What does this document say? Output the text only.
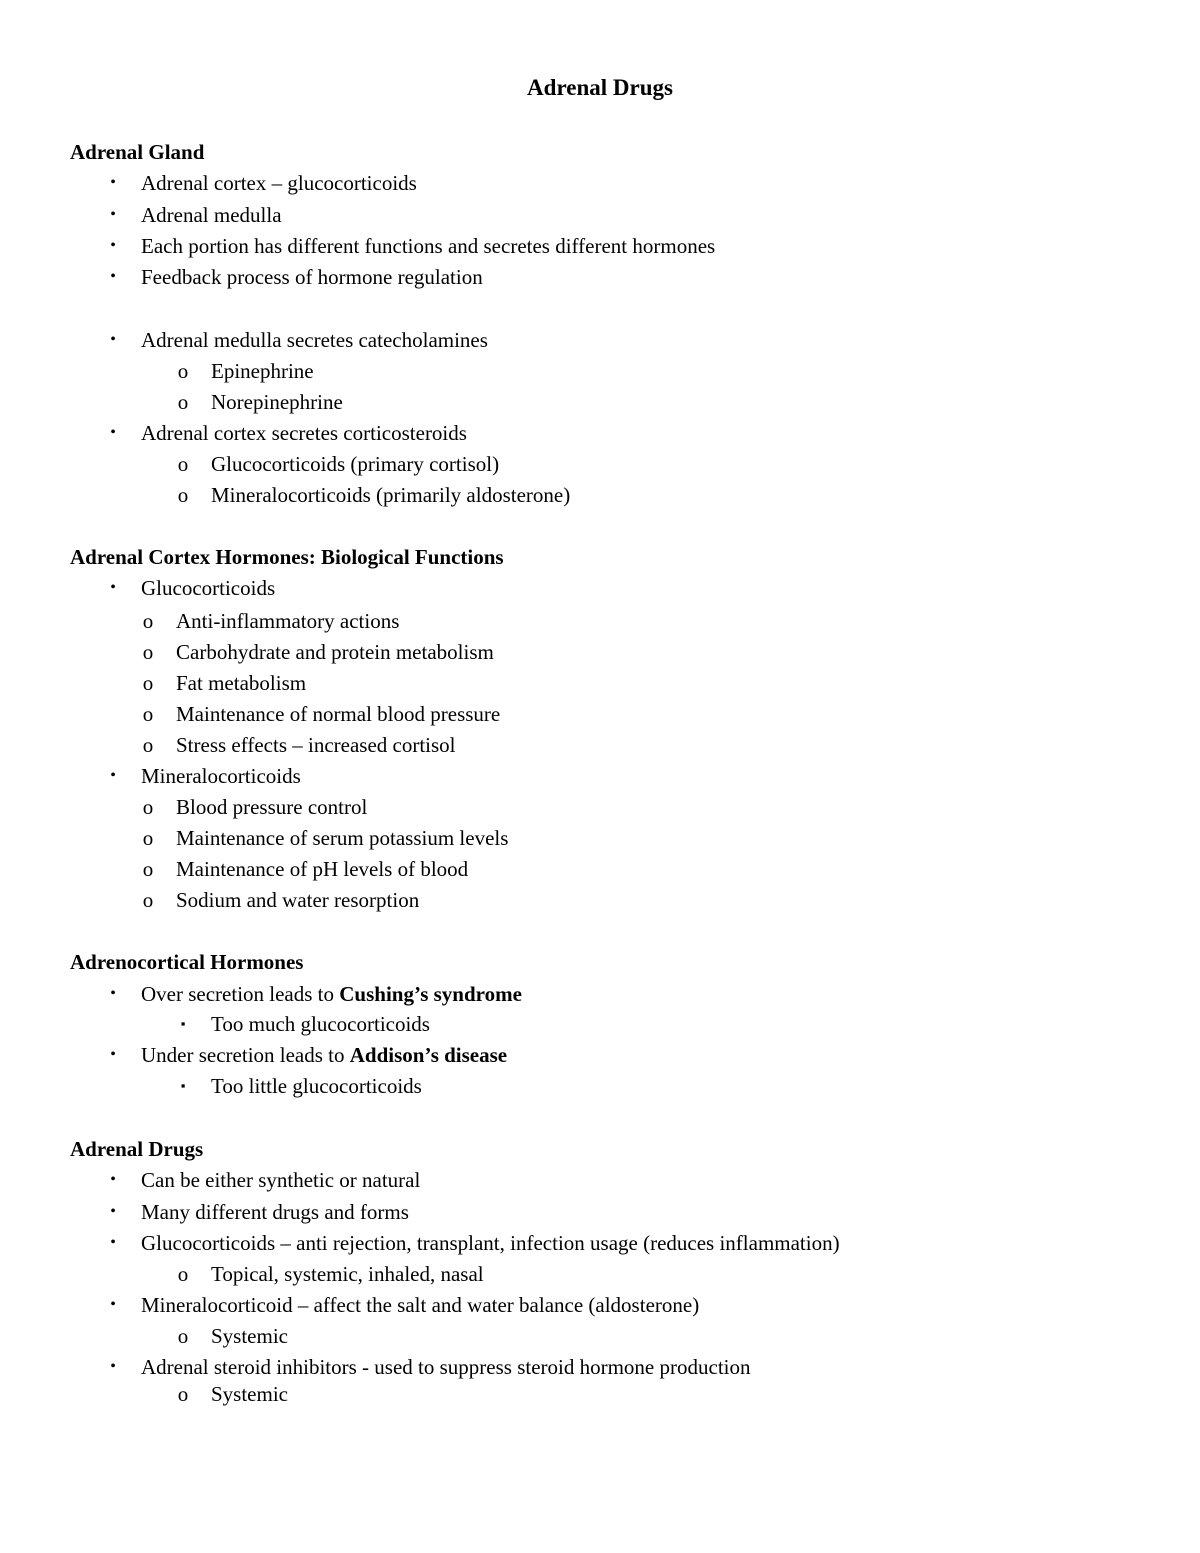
Adrenal Drugs
Adrenal Gland
• Adrenal cortex – glucocorticoids
• Adrenal medulla
• Each portion has different functions and secretes different hormones
• Feedback process of hormone regulation
• Adrenal medulla secretes catecholamines
o Epinephrine
o Norepinephrine
• Adrenal cortex secretes corticosteroids
o Glucocorticoids (primary cortisol)
o Mineralocorticoids (primarily aldosterone)
Adrenal Cortex Hormones: Biological Functions
• Glucocorticoids
o Anti-inflammatory actions
o Carbohydrate and protein metabolism
o Fat metabolism
o Maintenance of normal blood pressure
o Stress effects – increased cortisol
• Mineralocorticoids
o Blood pressure control
o Maintenance of serum potassium levels
o Maintenance of pH levels of blood
o Sodium and water resorption
Adrenocortical Hormones
• Over secretion leads to Cushing’s syndrome
▪ Too much glucocorticoids
• Under secretion leads to Addison’s disease
▪ Too little glucocorticoids
Adrenal Drugs
• Can be either synthetic or natural
• Many different drugs and forms
• Glucocorticoids – anti rejection, transplant, infection usage (reduces inflammation)
o Topical, systemic, inhaled, nasal
• Mineralocorticoid – affect the salt and water balance (aldosterone)
o Systemic
• Adrenal steroid inhibitors - used to suppress steroid hormone production
o Systemic
